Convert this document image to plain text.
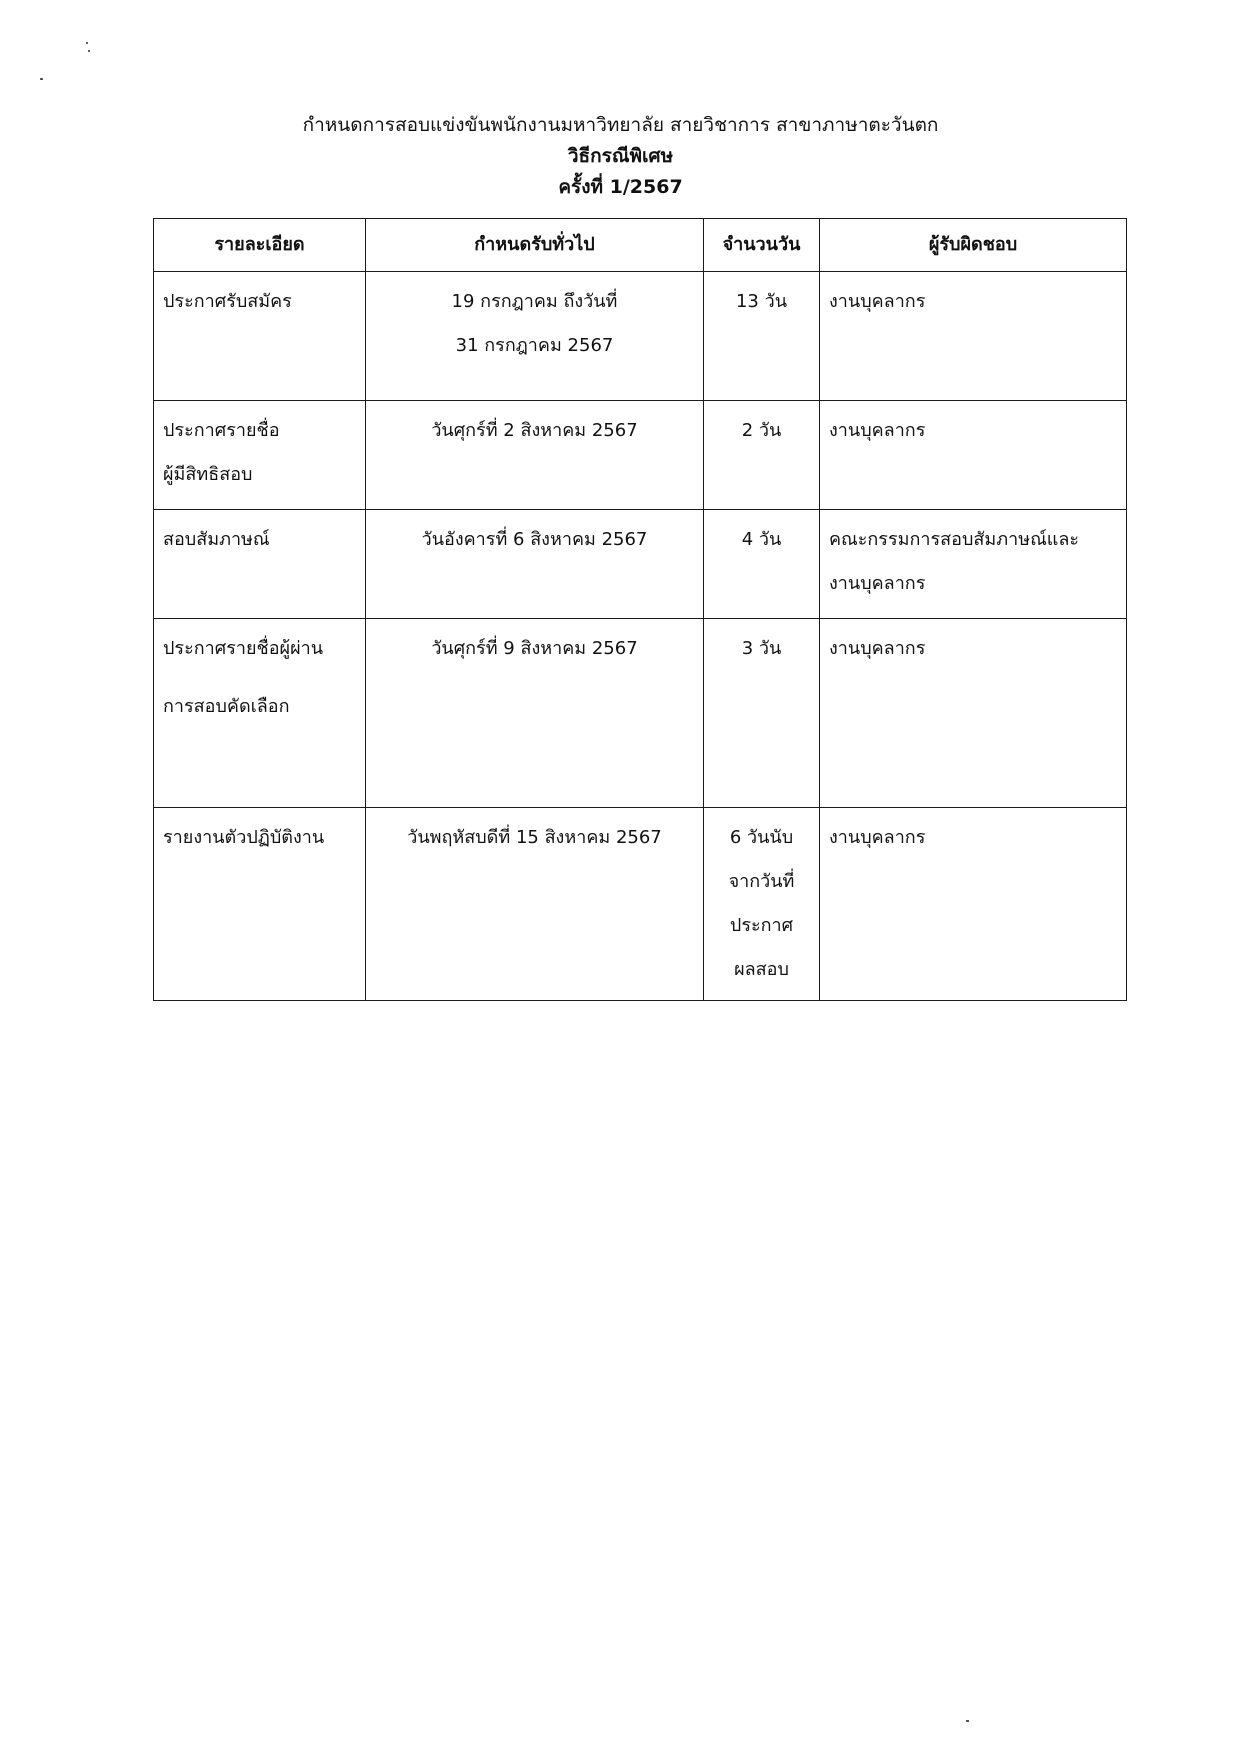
กำหนดการสอบแข่งขันพนักงานมหาวิทยาลัย สายวิชาการ สาขาภาษาตะวันตก
วิธีกรณีพิเศษ
ครั้งที่ 1/2567
รายละเอียด	กำหนดรับทั่วไป	จำนวนวัน	ผู้รับผิดชอบ

ประกาศรับสมัคร	19 กรกฎาคม ถึงวันที่
31 กรกฎาคม 2567	13 วัน	งานบุคลากร

ประกาศรายชื่อ
ผู้มีสิทธิสอบ	วันศุกร์ที่ 2 สิงหาคม 2567	2 วัน	งานบุคลากร

สอบสัมภาษณ์	วันอังคารที่ 6 สิงหาคม 2567	4 วัน	คณะกรรมการสอบสัมภาษณ์และ
งานบุคลากร

ประกาศรายชื่อผู้ผ่าน
การสอบคัดเลือก	วันศุกร์ที่ 9 สิงหาคม 2567	3 วัน	งานบุคลากร

รายงานตัวปฏิบัติงาน	วันพฤหัสบดีที่ 15 สิงหาคม 2567	6 วันนับ
จากวันที่
ประกาศ
ผลสอบ	งานบุคลากร
